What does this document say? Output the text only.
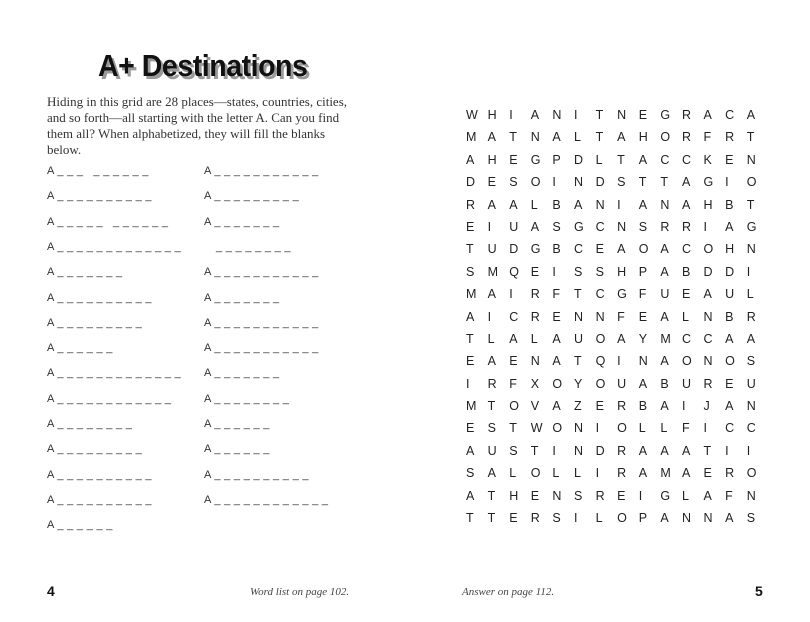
A+ Destinations
Hiding in this grid are 28 places—states, countries, cities, and so forth—all starting with the letter A. Can you find them all? When alphabetized, they will fill the blanks below.
A _ _ _   _ _ _ _ _ _
A _ _ _ _ _ _ _ _ _ _
A _ _ _ _ _   _ _ _ _ _ _
A _ _ _ _ _ _ _ _ _ _ _ _ _
A _ _ _ _ _ _ _
A _ _ _ _ _ _ _ _ _ _
A _ _ _ _ _ _ _ _ _
A _ _ _ _ _ _
A _ _ _ _ _ _ _ _ _ _ _ _ _
A _ _ _ _ _ _ _ _ _ _ _ _
A _ _ _ _ _ _ _ _
A _ _ _ _ _ _ _ _ _
A _ _ _ _ _ _ _ _ _ _
A _ _ _ _ _ _ _ _ _ _
A _ _ _ _ _ _
A _ _ _ _ _ _ _ _ _ _ _
A _ _ _ _ _ _ _ _ _
A _ _ _ _ _ _ _
_ _ _ _ _ _ _ _
A _ _ _ _ _ _ _ _ _ _ _
A _ _ _ _ _ _ _
A _ _ _ _ _ _ _ _ _ _ _
A _ _ _ _ _ _ _ _ _ _ _
A _ _ _ _ _ _ _
A _ _ _ _ _ _ _ _
A _ _ _ _ _ _
A _ _ _ _ _ _
A _ _ _ _ _ _ _ _ _ _
A _ _ _ _ _ _ _ _ _ _ _ _
W H	I	A	N	I	T	N	E	G R	A	C	A
M A	T	N	A	L	T	A	H	O R	F	R	T
A	H	E	G P	D	L	T	A	C	C	K	E	N
D	E	S	O I	N	D	S	T	T	A	G I	O
R	A	A	L	B	A	N	I	A	N	A	H	B	T
E	I	U	A	S	G C	N	S	R	R	I	A	G
T	U	D	G B	C	E	A	O A	C	O H	N
S	M Q E	I	S	S	H	P	A	B	D	D	I
M A	I	R	F	T	C	G F	U	E	A	U	L
A	I	C	R	E	N	N	F	E	A	L	N	B	R
T	L	A	L	A	U	O A	Y	M C	C	A	A
E	A	E	N	A	T	Q I	N	A	O N	O S
I	R	F	X	O Y	O U	A	B	U	R	E	U
M T	O V	A	Z	E	R	B	A	I	J	A	N
E	S	T	W O N	I	O L	L	F	I	C	C
A	U	S	T	I	N	D	R	A	A	A	T	I	I
S	A	L	O L	L	I	R	A	M A	E	R	O
A	T	H	E	N	S	R	E	I	G L	A	F	N
T	T	E	R	S	I	L	O P	A	N	N	A	S
4	5
Word list on page 102.	Answer on page 112.
